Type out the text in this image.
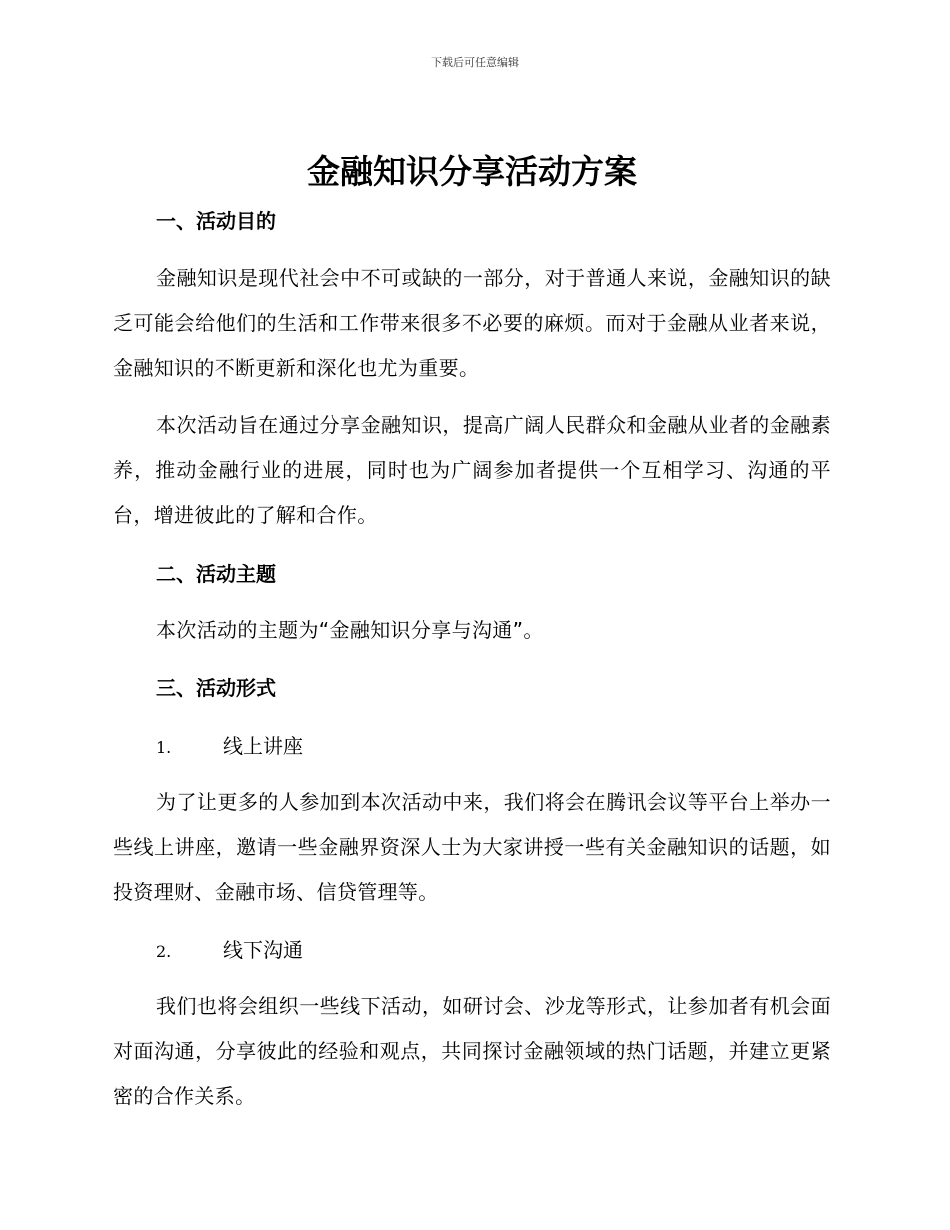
下载后可任意编辑
金融知识分享活动方案
一、活动目的

金融知识是现代社会中不可或缺的一部分，对于普通人来说，金融知识的缺乏可能会给他们的生活和工作带来很多不必要的麻烦。而对于金融从业者来说，金融知识的不断更新和深化也尤为重要。

本次活动旨在通过分享金融知识，提高广阔人民群众和金融从业者的金融素养，推动金融行业的进展，同时也为广阔参加者提供一个互相学习、沟通的平台，增进彼此的了解和合作。

二、活动主题

本次活动的主题为“金融知识分享与沟通”。

三、活动形式
1.	线上讲座

为了让更多的人参加到本次活动中来，我们将会在腾讯会议等平台上举办一些线上讲座，邀请一些金融界资深人士为大家讲授一些有关金融知识的话题，如投资理财、金融市场、信贷管理等。

2.	线下沟通

我们也将会组织一些线下活动，如研讨会、沙龙等形式，让参加者有机会面对面沟通，分享彼此的经验和观点，共同探讨金融领域的热门话题，并建立更紧密的合作关系。
